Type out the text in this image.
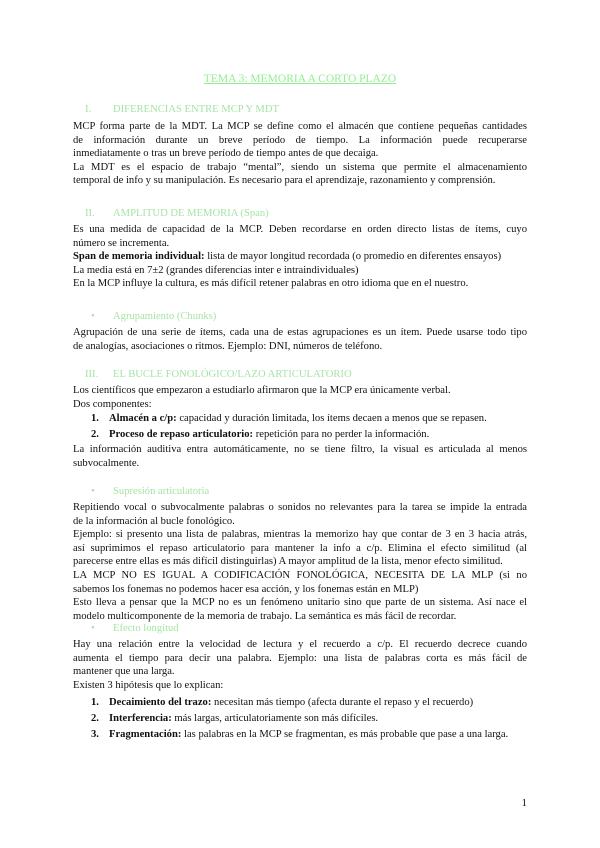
TEMA 3: MEMORIA A CORTO PLAZO
I. DIFERENCIAS ENTRE MCP Y MDT
MCP forma parte de la MDT. La MCP se define como el almacén que contiene pequeñas cantidades
de información durante un breve período de tiempo. La información puede recuperarse
inmediatamente o tras un breve período de tiempo antes de que decaiga.
La MDT es el espacio de trabajo “mental”, siendo un sistema que permite el almacenamiento
temporal de info y su manipulación. Es necesario para el aprendizaje, razonamiento y comprensión.
II. AMPLITUD DE MEMORIA (Span)
Es una medida de capacidad de la MCP. Deben recordarse en orden directo listas de ítems, cuyo
número se incrementa.
Span de memoria individual: lista de mayor longitud recordada (o promedio en diferentes ensayos)
La media está en 7±2 (grandes diferencias inter e intraindividuales)
En la MCP influye la cultura, es más difícil retener palabras en otro idioma que en el nuestro.
• Agrupamiento (Chunks)
Agrupación de una serie de ítems, cada una de estas agrupaciones es un ítem. Puede usarse todo tipo
de analogías, asociaciones o ritmos. Ejemplo: DNI, números de teléfono.
III. EL BUCLE FONOLÓGICO/LAZO ARTICULATORIO
Los científicos que empezaron a estudiarlo afirmaron que la MCP era únicamente verbal.
Dos componentes:
1. Almacén a c/p: capacidad y duración limitada, los ítems decaen a menos que se repasen.
2. Proceso de repaso articulatorio: repetición para no perder la información.
La información auditiva entra automáticamente, no se tiene filtro, la visual es articulada al menos
subvocalmente.
• Supresión articulatoria
Repitiendo vocal o subvocalmente palabras o sonidos no relevantes para la tarea se impide la entrada
de la información al bucle fonológico.
Ejemplo: si presento una lista de palabras, mientras la memorizo hay que contar de 3 en 3 hacia atrás,
así suprimimos el repaso articulatorio para mantener la info a c/p. Elimina el efecto similitud (al
parecerse entre ellas es más difícil distinguirlas) A mayor amplitud de la lista, menor efecto similitud.
LA MCP NO ES IGUAL A CODIFICACIÓN FONOLÓGICA, NECESITA DE LA MLP (si no
sabemos los fonemas no podemos hacer esa acción, y los fonemas están en MLP)
Esto lleva a pensar que la MCP no es un fenómeno unitario sino que parte de un sistema. Así nace el
modelo multicomponente de la memoria de trabajo. La semántica es más fácil de recordar.
• Efecto longitud
Hay una relación entre la velocidad de lectura y el recuerdo a c/p. El recuerdo decrece cuando
aumenta el tiempo para decir una palabra. Ejemplo: una lista de palabras corta es más fácil de
mantener que una larga.
Existen 3 hipótesis que lo explican:
1. Decaimiento del trazo: necesitan más tiempo (afecta durante el repaso y el recuerdo)
2. Interferencia: más largas, articulatoriamente son más difíciles.
3. Fragmentación: las palabras en la MCP se fragmentan, es más probable que pase a una larga.
1
